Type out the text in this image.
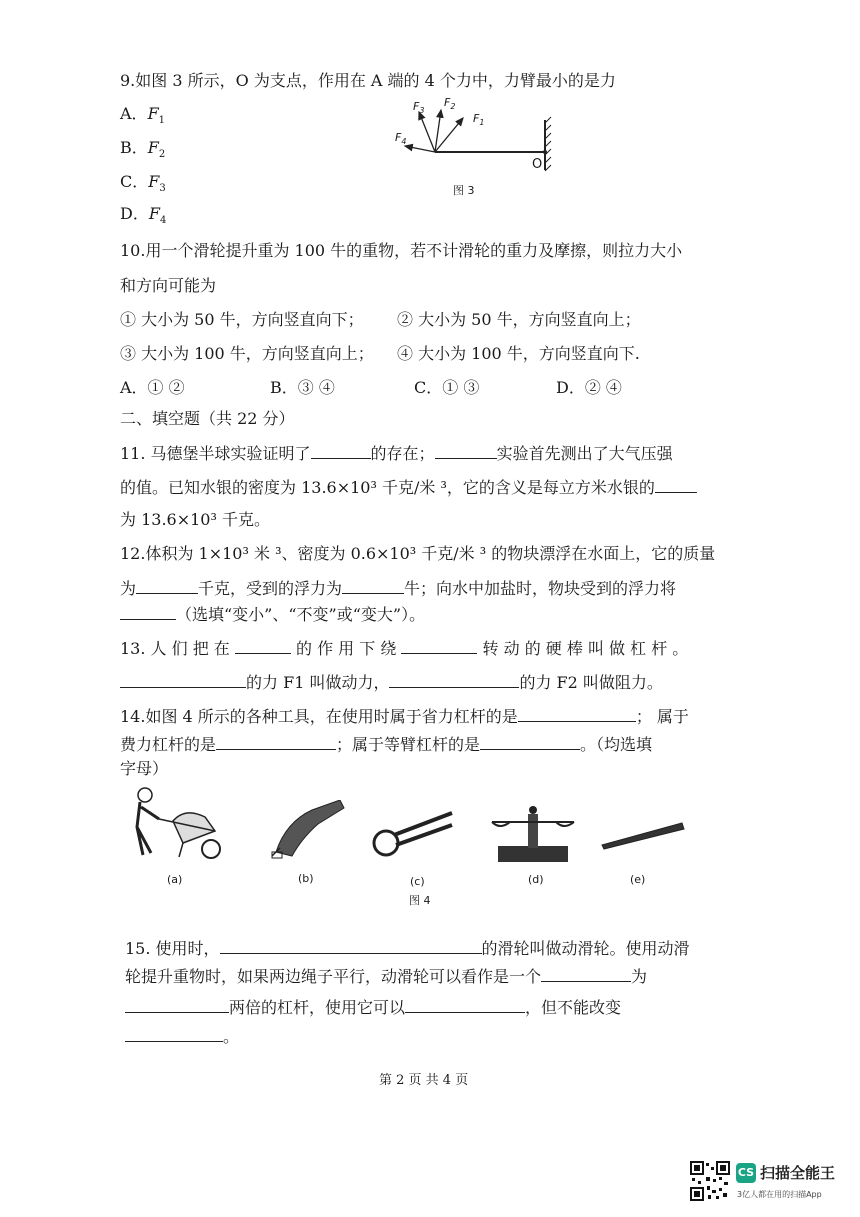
9.如图 3 所示，O 为支点，作用在 A 端的 4 个力中，力臂最小的是力
A．$F_1$
B．$F_2$
C．$F_3$
D．$F_4$
$F_1$
$F_2$
$F_3$
$F_4$
O
图 3
10.用一个滑轮提升重为 100 牛的重物，若不计滑轮的重力及摩擦，则拉力大小
和方向可能为
① 大小为 50 牛，方向竖直向下； ② 大小为 50 牛，方向竖直向上；
③ 大小为 100 牛，方向竖直向上； ④ 大小为 100 牛，方向竖直向下.
A．① ②	B．③ ④	C．① ③	D．② ④
二、填空题（共 22 分）
11. 马德堡半球实验证明了	的存在；	实验首先测出了大气压强
的值。已知水银的密度为 13.6×10³ 千克/米 ³，它的含义是每立方米水银的
为 13.6×10³ 千克。
12.体积为 1×10³ 米 ³、密度为 0.6×10³ 千克/米 ³ 的物块漂浮在水面上，它的质量
为	千克，受到的浮力为	牛；向水中加盐时，物块受到的浮力将
（选填“变小”、“不变”或“变大”）。
13. 人 们 把 在	的 作 用 下 绕	转 动 的 硬 棒 叫 做 杠 杆 。
的力 F1 叫做动力，	的力 F2 叫做阻力。
14.如图 4 所示的各种工具，在使用时属于省力杠杆的是	； 属于
费力杠杆的是	；属于等臂杠杆的是	。（均选填
字母）
(a)	(b)	(c)	(d)	(e)
图 4
15. 使用时，	的滑轮叫做动滑轮。使用动滑
轮提升重物时，如果两边绳子平行，动滑轮可以看作是一个	为
两倍的杠杆，使用它可以	，但不能改变
。
第 2 页 共 4 页
CS 扫描全能王
3亿人都在用的扫描App
